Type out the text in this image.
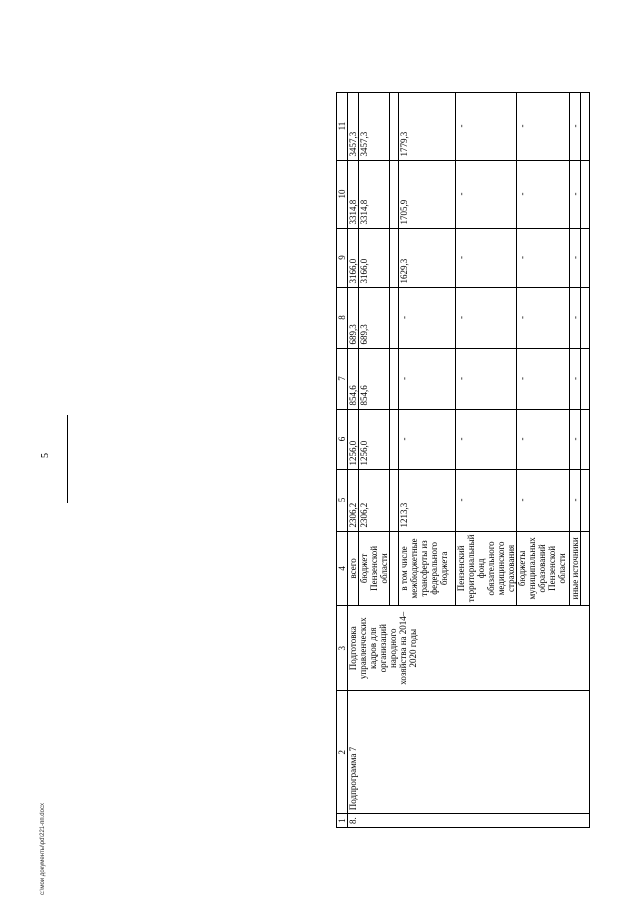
5
c:\мои документы\pd\221-пп.docx	1	2	3	4	5	6	7	8	9	10	11
8.	Подпрограмма 7	Подготовка управленческих кадров для организаций народного хозяйства на 2014–2020 годы	всего	2306,2	1256,0	854,6	689,3	3166,0	3314,8	3457,3
			бюджет Пензенской области	2306,2	1256,0	854,6	689,3	3166,0	3314,8	3457,3

			в том числе межбюджетные трансферты из федерального бюджета	1213,3	-	-	-	1629,3	1705,9	1779,3
			Пензенский территориальный фонд обязательного медицинского страхования	-	-	-	-	-	-	-
			бюджеты муниципальных образований Пензенской области	-	-	-	-	-	-	-
			иные источники	-	-	-	-	-	-	-
